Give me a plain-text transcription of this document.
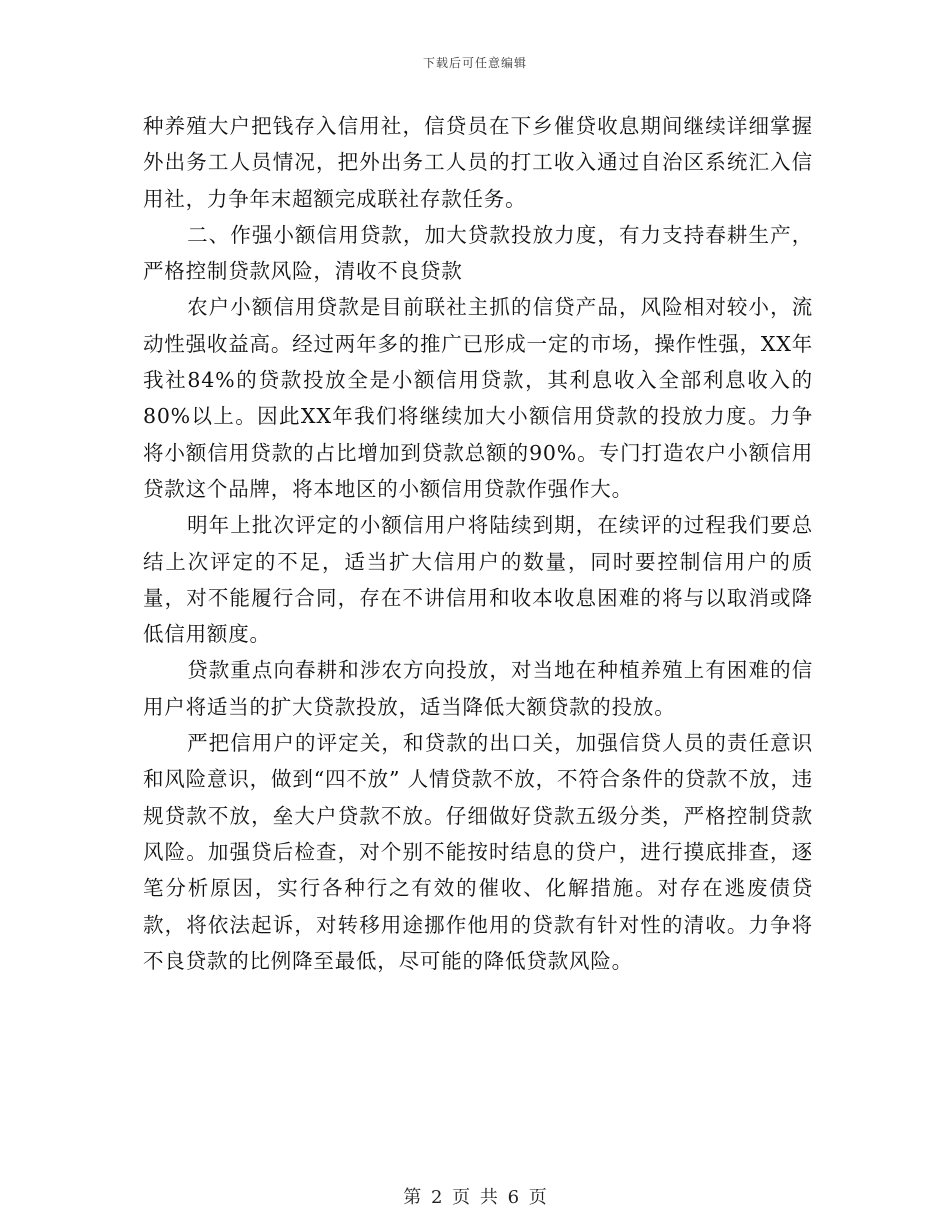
下载后可任意编辑

种养殖大户把钱存入信用社，信贷员在下乡催贷收息期间继续详细掌握外出务工人员情况，把外出务工人员的打工收入通过自治区系统汇入信用社，力争年末超额完成联社存款任务。

二、作强小额信用贷款，加大贷款投放力度，有力支持春耕生产，严格控制贷款风险，清收不良贷款

农户小额信用贷款是目前联社主抓的信贷产品，风险相对较小，流动性强收益高。经过两年多的推广已形成一定的市场，操作性强，XX年我社84%的贷款投放全是小额信用贷款，其利息收入全部利息收入的80%以上。因此XX年我们将继续加大小额信用贷款的投放力度。力争将小额信用贷款的占比增加到贷款总额的90%。专门打造农户小额信用贷款这个品牌，将本地区的小额信用贷款作强作大。

明年上批次评定的小额信用户将陆续到期，在续评的过程我们要总结上次评定的不足，适当扩大信用户的数量，同时要控制信用户的质量，对不能履行合同，存在不讲信用和收本收息困难的将与以取消或降低信用额度。

贷款重点向春耕和涉农方向投放，对当地在种植养殖上有困难的信用户将适当的扩大贷款投放，适当降低大额贷款的投放。

严把信用户的评定关，和贷款的出口关，加强信贷人员的责任意识和风险意识，做到“四不放” 人情贷款不放，不符合条件的贷款不放，违规贷款不放，垒大户贷款不放。仔细做好贷款五级分类，严格控制贷款风险。加强贷后检查，对个别不能按时结息的贷户，进行摸底排查，逐笔分析原因，实行各种行之有效的催收、化解措施。对存在逃废债贷款，将依法起诉，对转移用途挪作他用的贷款有针对性的清收。力争将不良贷款的比例降至最低，尽可能的降低贷款风险。

第 2 页 共 6 页
